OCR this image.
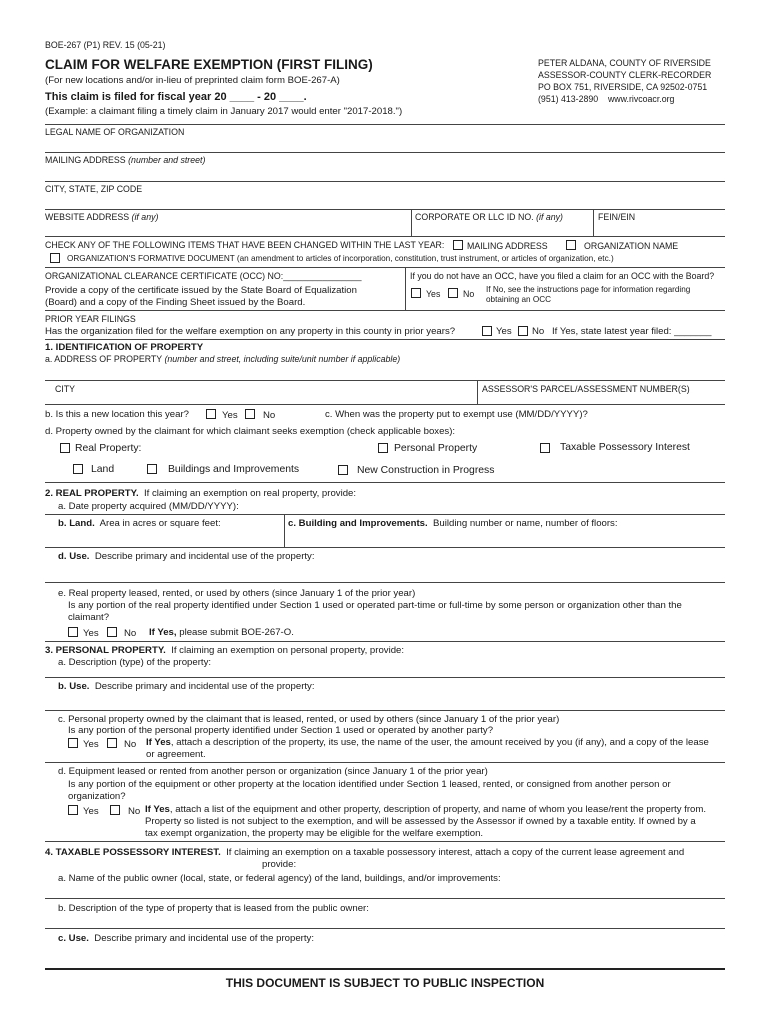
BOE-267 (P1) REV. 15 (05-21)
CLAIM FOR WELFARE EXEMPTION (FIRST FILING)
(For new locations and/or in-lieu of preprinted claim form BOE-267-A)
This claim is filed for fiscal year 20 ____ - 20 ____.
(Example: a claimant filing a timely claim in January 2017 would enter "2017-2018.")
PETER ALDANA, COUNTY OF RIVERSIDE
ASSESSOR-COUNTY CLERK-RECORDER
PO BOX 751, RIVERSIDE, CA 92502-0751
(951) 413-2890 www.rivcoacr.org
LEGAL NAME OF ORGANIZATION
MAILING ADDRESS (number and street)
CITY, STATE, ZIP CODE
WEBSITE ADDRESS (if any)	CORPORATE OR LLC ID NO. (if any)	FEIN/EIN
CHECK ANY OF THE FOLLOWING ITEMS THAT HAVE BEEN CHANGED WITHIN THE LAST YEAR:	MAILING ADDRESS	ORGANIZATION NAME
ORGANIZATION'S FORMATIVE DOCUMENT (an amendment to articles of incorporation, constitution, trust instrument, or articles of organization, etc.)
ORGANIZATIONAL CLEARANCE CERTIFICATE (OCC) NO:________________
Provide a copy of the certificate issued by the State Board of Equalization
(Board) and a copy of the Finding Sheet issued by the Board.
If you do not have an OCC, have you filed a claim for an OCC with the Board?
Yes	No If No, see the instructions page for information regarding
obtaining an OCC
PRIOR YEAR FILINGS
Has the organization filed for the welfare exemption on any property in this county in prior years?	Yes No If Yes, state latest year filed: _______
1. IDENTIFICATION OF PROPERTY
a. ADDRESS OF PROPERTY (number and street, including suite/unit number if applicable)
CITY	ASSESSOR'S PARCEL/ASSESSMENT NUMBER(S)
b. Is this a new location this year?	Yes	No	c. When was the property put to exempt use (MM/DD/YYYY)?
d. Property owned by the claimant for which claimant seeks exemption (check applicable boxes):
Real Property:	Personal Property	Taxable Possessory Interest
Land	Buildings and Improvements	New Construction in Progress
2. REAL PROPERTY. If claiming an exemption on real property, provide:
a. Date property acquired (MM/DD/YYYY):
b. Land. Area in acres or square feet:	c. Building and Improvements. Building number or name, number of floors:
d. Use. Describe primary and incidental use of the property:
e. Real property leased, rented, or used by others (since January 1 of the prior year)
Is any portion of the real property identified under Section 1 used or operated part-time or full-time by some person or organization other than the
claimant?
Yes	No If Yes, please submit BOE-267-O.
3. PERSONAL PROPERTY. If claiming an exemption on personal property, provide:
a. Description (type) of the property:
b. Use. Describe primary and incidental use of the property:
c. Personal property owned by the claimant that is leased, rented, or used by others (since January 1 of the prior year)
Is any portion of the personal property identified under Section 1 used or operated by another party?
Yes	No If Yes, attach a description of the property, its use, the name of the user, the amount received by you (if any), and a copy of the lease
or agreement.
d. Equipment leased or rented from another person or organization (since January 1 of the prior year)
Is any portion of the equipment or other property at the location identified under Section 1 leased, rented, or consigned from another person or
organization?
Yes	No If Yes, attach a list of the equipment and other property, description of property, and name of whom you lease/rent the property from.
Property so listed is not subject to the exemption, and will be assessed by the Assessor if owned by a taxable entity. If owned by a
tax exempt organization, the property may be eligible for the welfare exemption.
4. TAXABLE POSSESSORY INTEREST. If claiming an exemption on a taxable possessory interest, attach a copy of the current lease agreement and
provide:
a. Name of the public owner (local, state, or federal agency) of the land, buildings, and/or improvements:
b. Description of the type of property that is leased from the public owner:
c. Use. Describe primary and incidental use of the property:
THIS DOCUMENT IS SUBJECT TO PUBLIC INSPECTION
